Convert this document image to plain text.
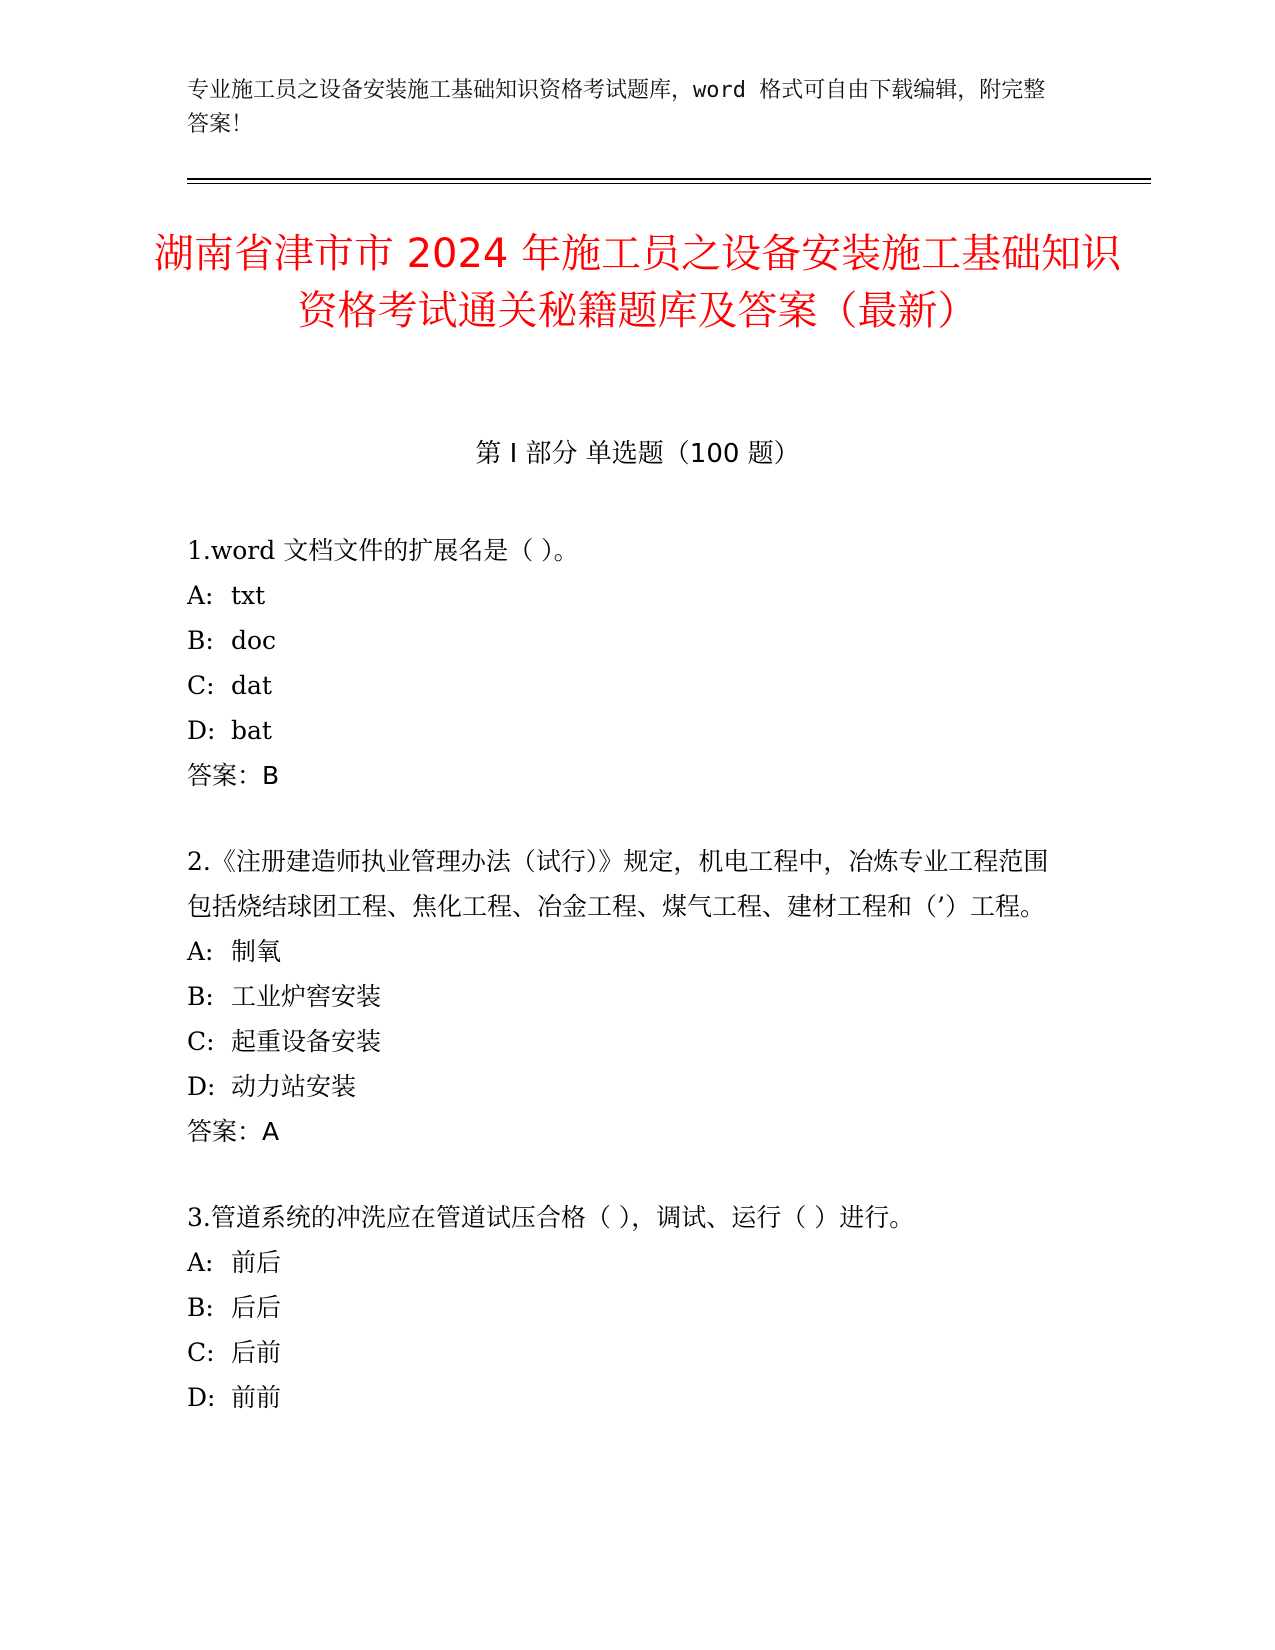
专业施工员之设备安装施工基础知识资格考试题库，word 格式可自由下载编辑，附完整答案！
湖南省津市市 2024 年施工员之设备安装施工基础知识资格考试通关秘籍题库及答案（最新）
第 I 部分 单选题（100 题）

1.word 文档文件的扩展名是（ ）。

A: txt

B: doc

C: dat

D: bat

答案：B

2.《注册建造师执业管理办法（试行）》规定，机电工程中，冶炼专业工程范围包括烧结球团工程、焦化工程、冶金工程、煤气工程、建材工程和（’）工程。

A: 制氧

B: 工业炉窖安装

C: 起重设备安装

D: 动力站安装

答案：A

3.管道系统的冲洗应在管道试压合格（ ），调试、运行（ ）进行。

A: 前后

B: 后后

C: 后前

D: 前前
